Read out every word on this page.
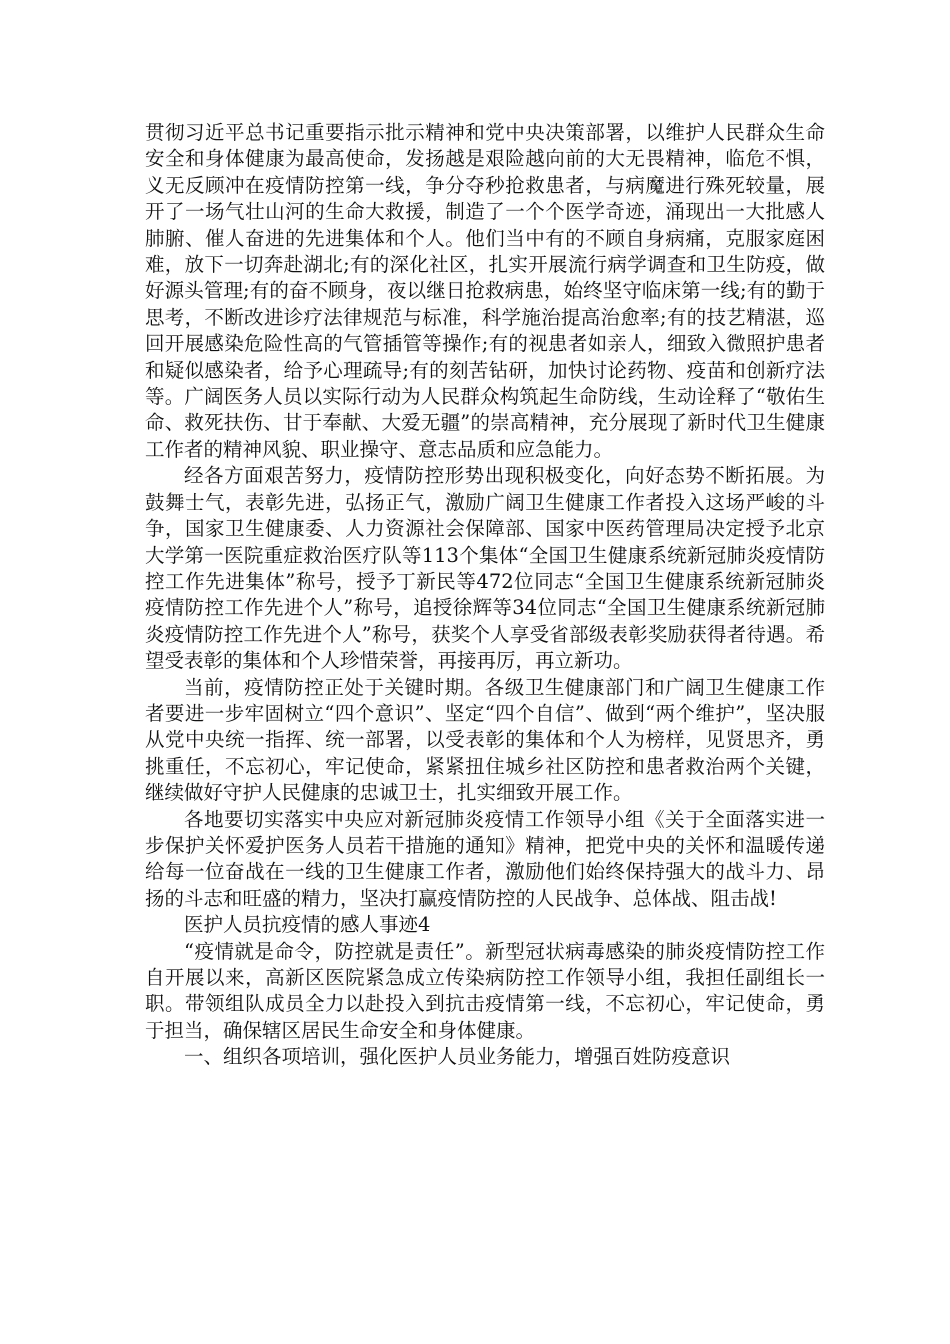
贯彻习近平总书记重要指示批示精神和党中央决策部署，以维护人民群众生命安全和身体健康为最高使命，发扬越是艰险越向前的大无畏精神，临危不惧，义无反顾冲在疫情防控第一线，争分夺秒抢救患者，与病魔进行殊死较量，展开了一场气壮山河的生命大救援，制造了一个个医学奇迹，涌现出一大批感人肺腑、催人奋进的先进集体和个人。他们当中有的不顾自身病痛，克服家庭困难，放下一切奔赴湖北;有的深化社区，扎实开展流行病学调查和卫生防疫，做好源头管理;有的奋不顾身，夜以继日抢救病患，始终坚守临床第一线;有的勤于思考，不断改进诊疗法律规范与标准，科学施治提高治愈率;有的技艺精湛，巡回开展感染危险性高的气管插管等操作;有的视患者如亲人，细致入微照护患者和疑似感染者，给予心理疏导;有的刻苦钻研，加快讨论药物、疫苗和创新疗法等。广阔医务人员以实际行动为人民群众构筑起生命防线，生动诠释了“敬佑生命、救死扶伤、甘于奉献、大爱无疆”的崇高精神，充分展现了新时代卫生健康工作者的精神风貌、职业操守、意志品质和应急能力。

经各方面艰苦努力，疫情防控形势出现积极变化，向好态势不断拓展。为鼓舞士气，表彰先进，弘扬正气，激励广阔卫生健康工作者投入这场严峻的斗争，国家卫生健康委、人力资源社会保障部、国家中医药管理局决定授予北京大学第一医院重症救治医疗队等113个集体“全国卫生健康系统新冠肺炎疫情防控工作先进集体”称号，授予丁新民等472位同志“全国卫生健康系统新冠肺炎疫情防控工作先进个人”称号，追授徐辉等34位同志“全国卫生健康系统新冠肺炎疫情防控工作先进个人”称号，获奖个人享受省部级表彰奖励获得者待遇。希望受表彰的集体和个人珍惜荣誉，再接再厉，再立新功。

当前，疫情防控正处于关键时期。各级卫生健康部门和广阔卫生健康工作者要进一步牢固树立“四个意识”、坚定“四个自信”、做到“两个维护”，坚决服从党中央统一指挥、统一部署，以受表彰的集体和个人为榜样，见贤思齐，勇挑重任，不忘初心，牢记使命，紧紧扭住城乡社区防控和患者救治两个关键，继续做好守护人民健康的忠诚卫士，扎实细致开展工作。

各地要切实落实中央应对新冠肺炎疫情工作领导小组《关于全面落实进一步保护关怀爱护医务人员若干措施的通知》精神，把党中央的关怀和温暖传递给每一位奋战在一线的卫生健康工作者，激励他们始终保持强大的战斗力、昂扬的斗志和旺盛的精力，坚决打赢疫情防控的人民战争、总体战、阻击战!

医护人员抗疫情的感人事迹4

“疫情就是命令，防控就是责任”。新型冠状病毒感染的肺炎疫情防控工作自开展以来，高新区医院紧急成立传染病防控工作领导小组，我担任副组长一职。带领组队成员全力以赴投入到抗击疫情第一线，不忘初心，牢记使命，勇于担当，确保辖区居民生命安全和身体健康。

一、组织各项培训，强化医护人员业务能力，增强百姓防疫意识
